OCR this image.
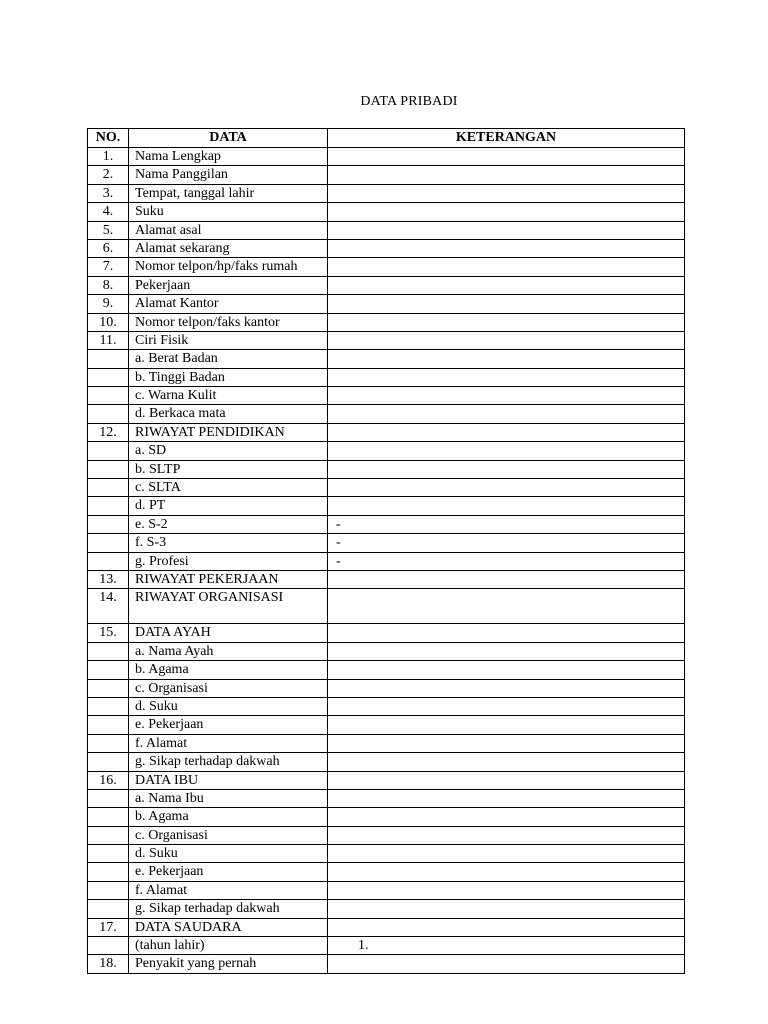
DATA PRIBADI
NO.	DATA	KETERANGAN
1.	Nama Lengkap	
2.	Nama Panggilan	
3.	Tempat, tanggal lahir	
4.	Suku	
5.	Alamat asal	
6.	Alamat sekarang	
7.	Nomor telpon/hp/faks rumah	
8.	Pekerjaan	
9.	Alamat Kantor	
10.	Nomor telpon/faks kantor	
11.	Ciri Fisik	
	a. Berat Badan	
	b. Tinggi Badan	
	c. Warna Kulit	
	d. Berkaca mata	
12.	RIWAYAT PENDIDIKAN	
	a. SD	
	b. SLTP	
	c. SLTA	
	d. PT	
	e. S-2	-
	f. S-3	-
	g. Profesi	-
13.	RIWAYAT PEKERJAAN	
14.	RIWAYAT ORGANISASI	
15.	DATA AYAH	
	a. Nama Ayah	
	b. Agama	
	c. Organisasi	
	d. Suku	
	e. Pekerjaan	
	f. Alamat	
	g. Sikap terhadap dakwah	
16.	DATA IBU	
	a. Nama Ibu	
	b. Agama	
	c. Organisasi	
	d. Suku	
	e. Pekerjaan	
	f. Alamat	
	g. Sikap terhadap dakwah	
17.	DATA SAUDARA	
	(tahun lahir)	1.
18.	Penyakit yang pernah	
